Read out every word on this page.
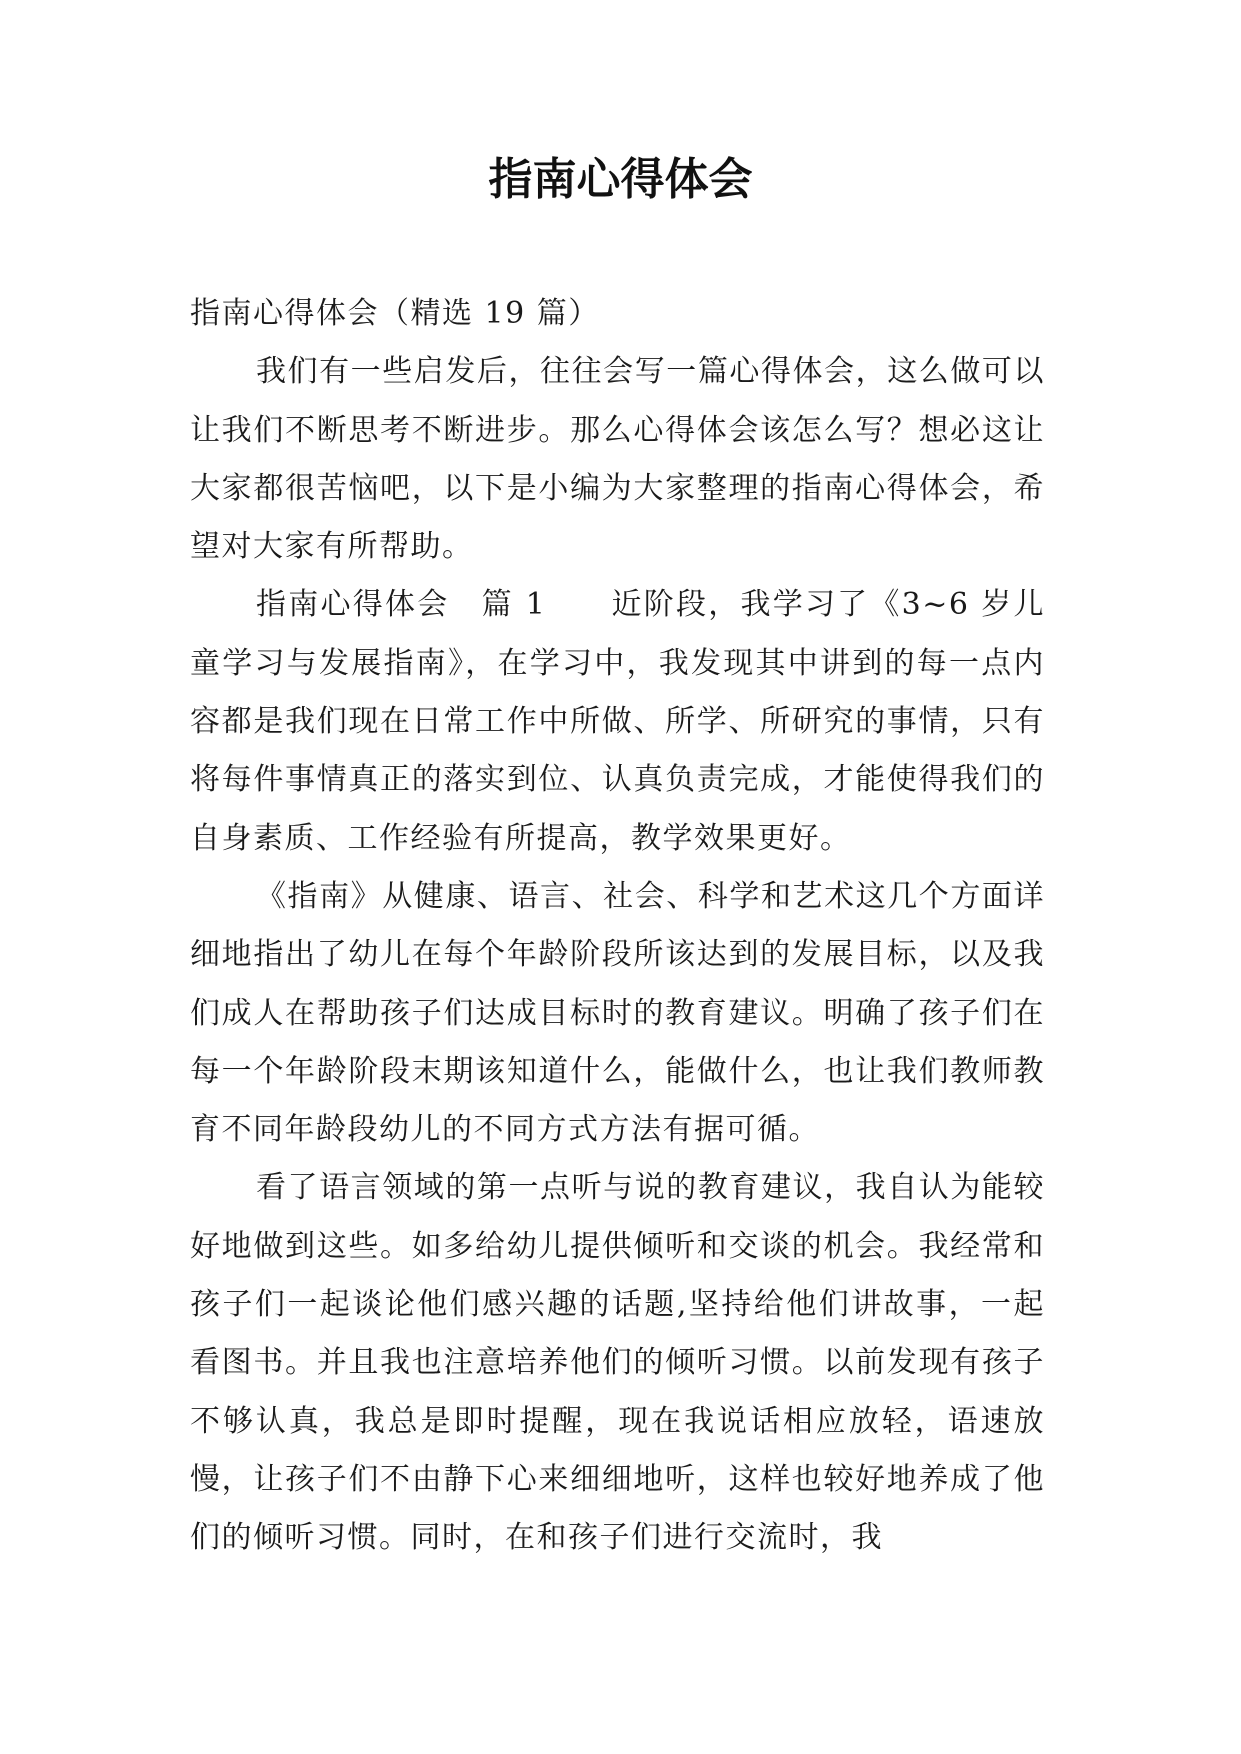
指南心得体会

指南心得体会（精选 19 篇）

我们有一些启发后，往往会写一篇心得体会，这么做可以让我们不断思考不断进步。那么心得体会该怎么写？想必这让大家都很苦恼吧，以下是小编为大家整理的指南心得体会，希望对大家有所帮助。

指南心得体会　篇 1　　近阶段，我学习了《3~6 岁儿童学习与发展指南》，在学习中，我发现其中讲到的每一点内容都是我们现在日常工作中所做、所学、所研究的事情，只有将每件事情真正的落实到位、认真负责完成，才能使得我们的自身素质、工作经验有所提高，教学效果更好。

《指南》从健康、语言、社会、科学和艺术这几个方面详细地指出了幼儿在每个年龄阶段所该达到的发展目标，以及我们成人在帮助孩子们达成目标时的教育建议。明确了孩子们在每一个年龄阶段末期该知道什么，能做什么，也让我们教师教育不同年龄段幼儿的不同方式方法有据可循。

看了语言领域的第一点听与说的教育建议，我自认为能较好地做到这些。如多给幼儿提供倾听和交谈的机会。我经常和孩子们一起谈论他们感兴趣的话题,坚持给他们讲故事，一起看图书。并且我也注意培养他们的倾听习惯。以前发现有孩子不够认真，我总是即时提醒，现在我说话相应放轻，语速放慢，让孩子们不由静下心来细细地听，这样也较好地养成了他们的倾听习惯。同时，在和孩子们进行交流时，我
